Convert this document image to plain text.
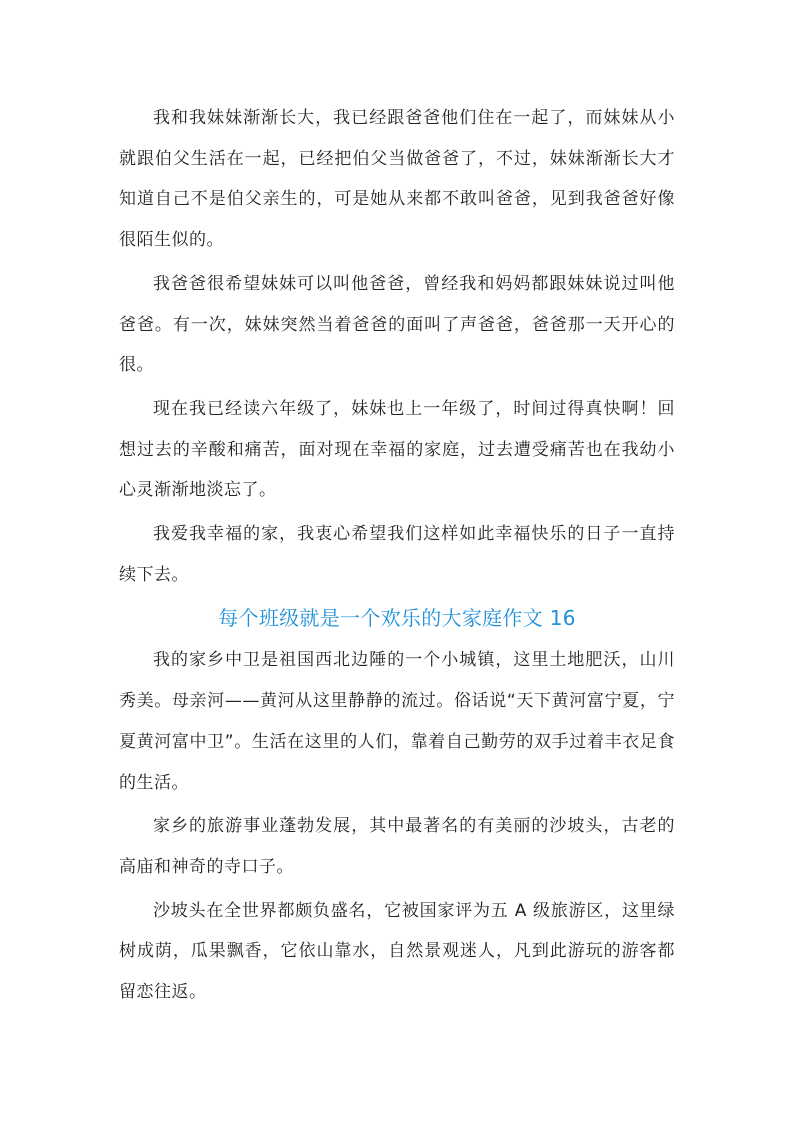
我和我妹妹渐渐长大，我已经跟爸爸他们住在一起了，而妹妹从小就跟伯父生活在一起，已经把伯父当做爸爸了，不过，妹妹渐渐长大才知道自己不是伯父亲生的，可是她从来都不敢叫爸爸，见到我爸爸好像很陌生似的。

我爸爸很希望妹妹可以叫他爸爸，曾经我和妈妈都跟妹妹说过叫他爸爸。有一次，妹妹突然当着爸爸的面叫了声爸爸，爸爸那一天开心的很。

现在我已经读六年级了，妹妹也上一年级了，时间过得真快啊！回想过去的辛酸和痛苦，面对现在幸福的家庭，过去遭受痛苦也在我幼小心灵渐渐地淡忘了。

我爱我幸福的家，我衷心希望我们这样如此幸福快乐的日子一直持续下去。

每个班级就是一个欢乐的大家庭作文 16

我的家乡中卫是祖国西北边陲的一个小城镇，这里土地肥沃，山川秀美。母亲河——黄河从这里静静的流过。俗话说“天下黄河富宁夏，宁夏黄河富中卫”。生活在这里的人们，靠着自己勤劳的双手过着丰衣足食的生活。

家乡的旅游事业蓬勃发展，其中最著名的有美丽的沙坡头，古老的高庙和神奇的寺口子。

沙坡头在全世界都颇负盛名，它被国家评为五 A 级旅游区，这里绿树成荫，瓜果飘香，它依山靠水，自然景观迷人，凡到此游玩的游客都留恋往返。
